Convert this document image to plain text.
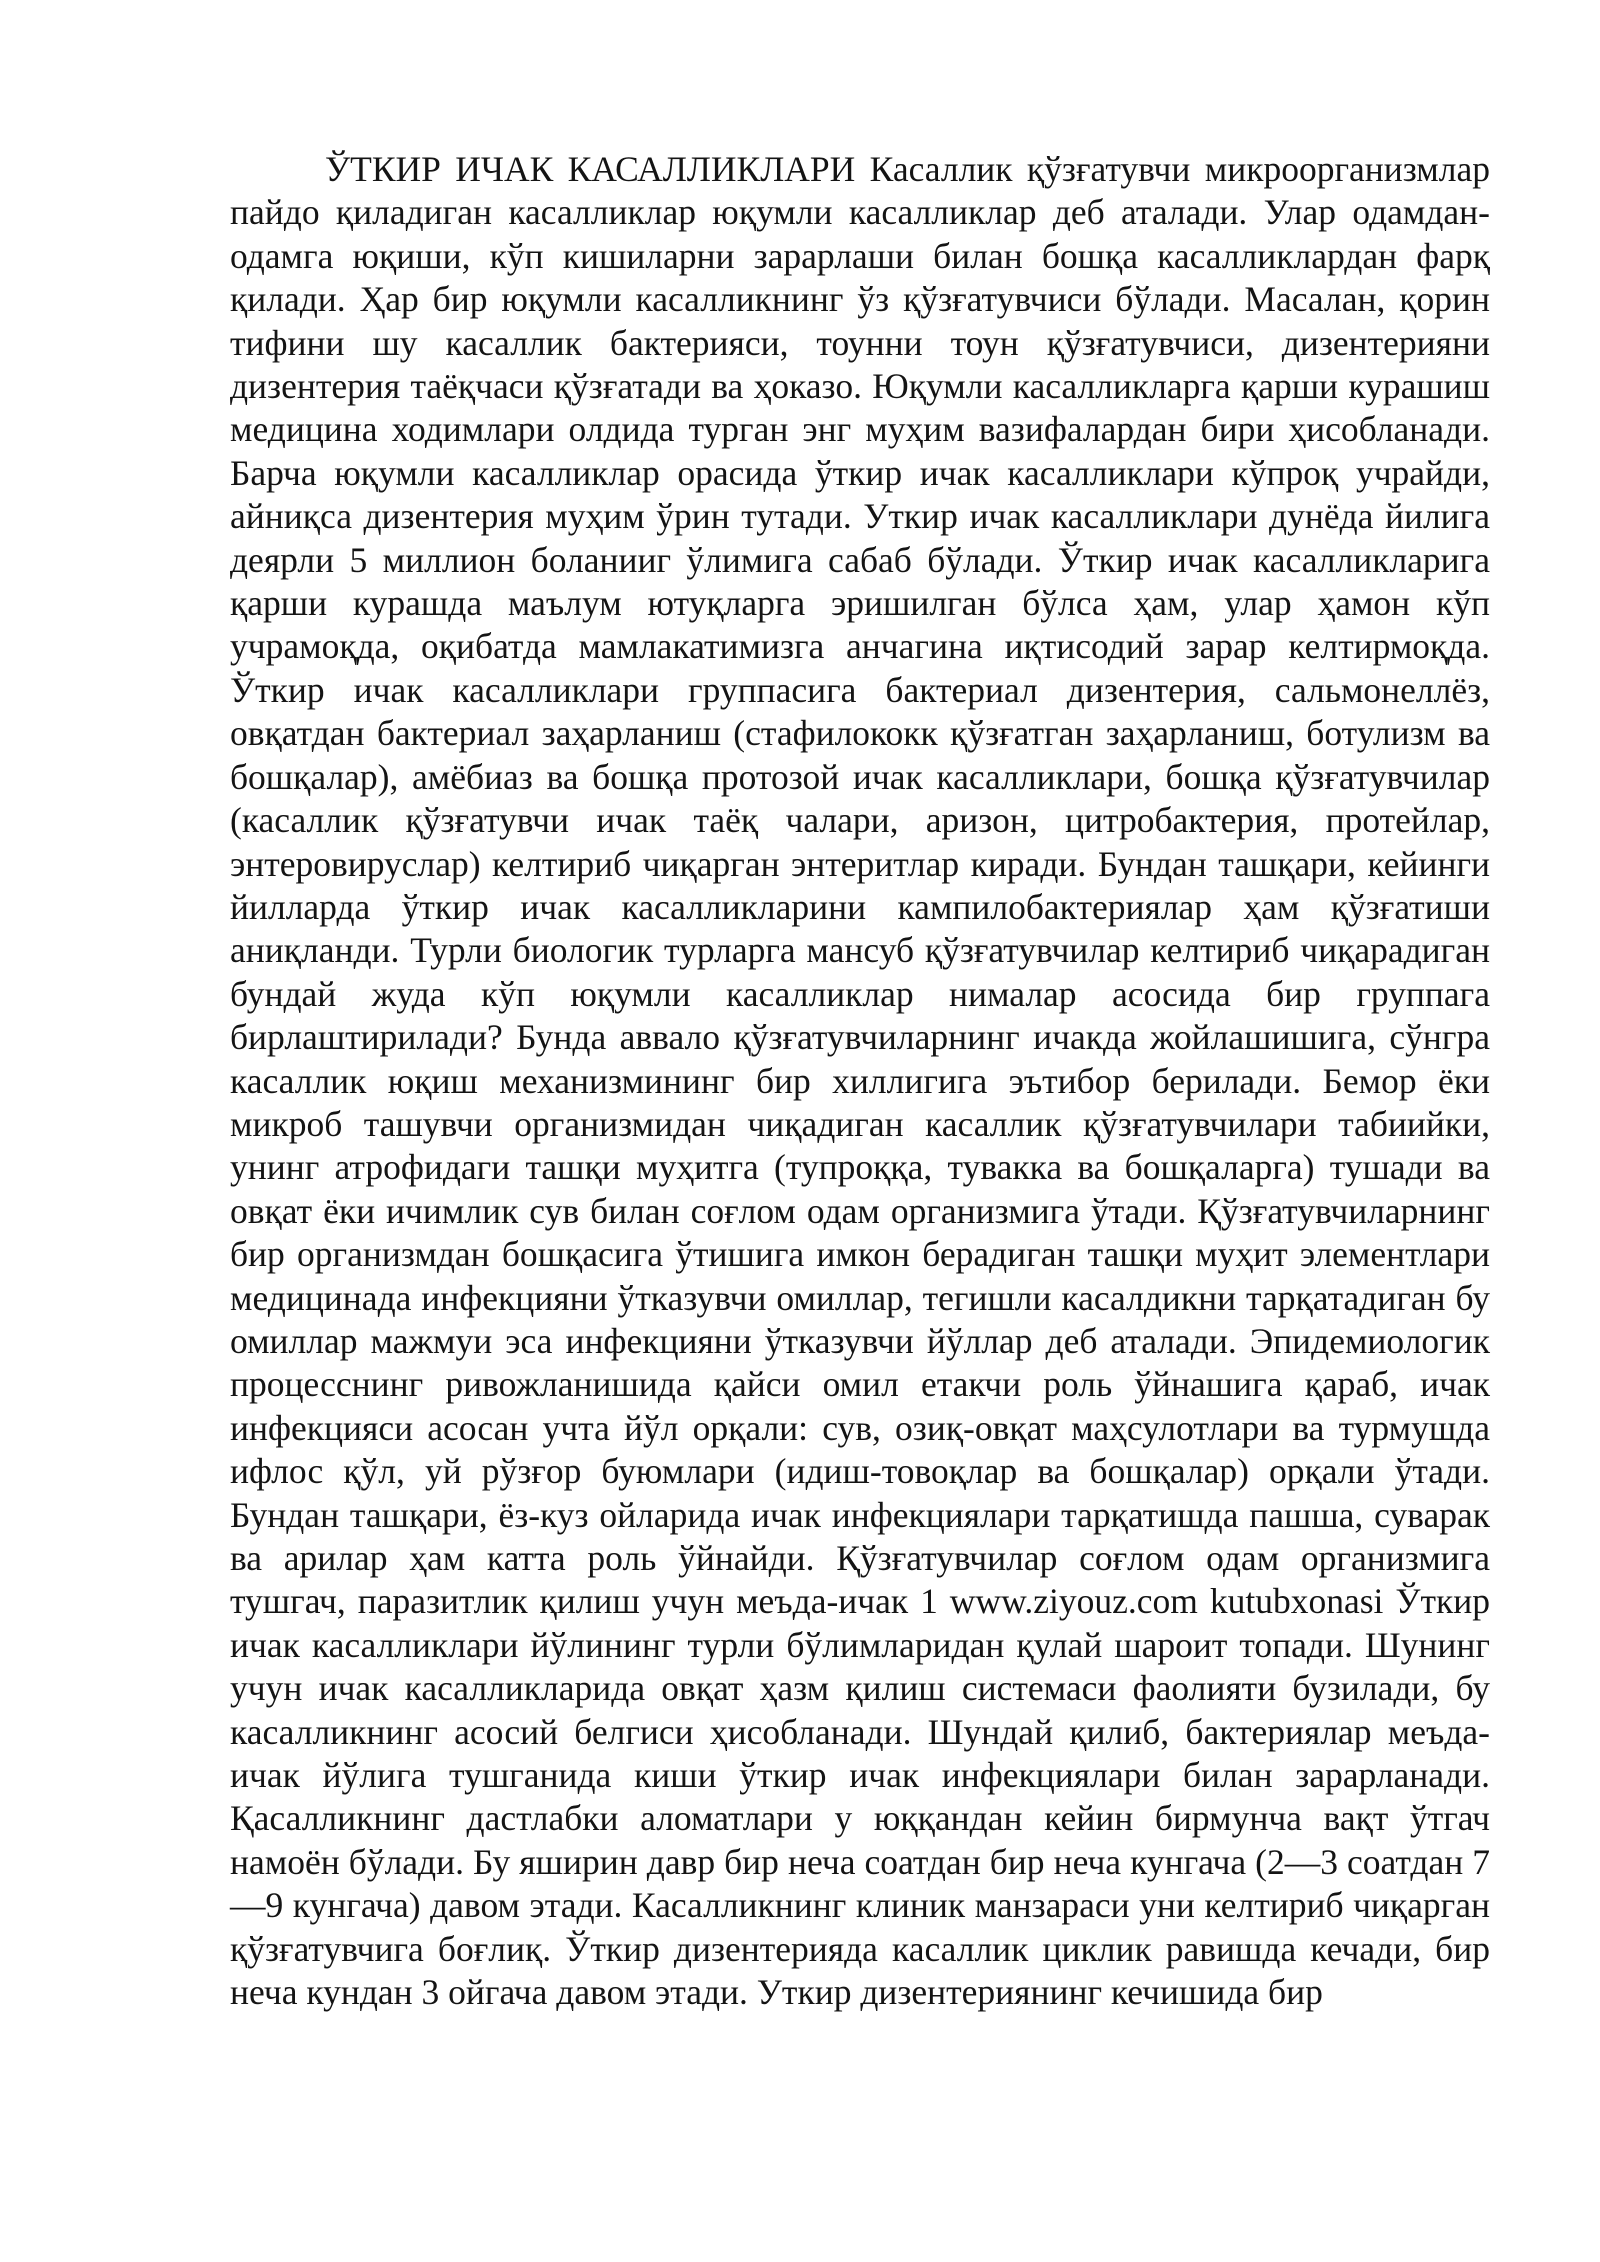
ЎТКИР ИЧАК КАСАЛЛИКЛАРИ Касаллик қўзғатувчи микроорганизмлар пайдо қиладиган касалликлар юқумли касалликлар деб аталади. Улар одамдан-одамга юқиши, кўп кишиларни зарарлаши билан бошқа касалликлардан фарқ қилади. Ҳар бир юқумли касалликнинг ўз қўзғатувчиси бўлади. Масалан, қорин тифини шу касаллик бактерияси, тоунни тоун қўзғатувчиси, дизентерияни дизентерия таёқчаси қўзғатади ва ҳоказо. Юқумли касалликларга қарши курашиш медицина ходимлари олдида турган энг муҳим вазифалардан бири ҳисобланади. Барча юқумли касалликлар орасида ўткир ичак касалликлари кўпроқ учрайди, айниқса дизентерия муҳим ўрин тутади. Уткир ичак касалликлари дунёда йилига деярли 5 миллион боланииг ўлимига сабаб бўлади. Ўткир ичак касалликларига қарши курашда маълум ютуқларга эришилган бўлса ҳам, улар ҳамон кўп учрамоқда, оқибатда мамлакатимизга анчагина иқтисодий зарар келтирмоқда. Ўткир ичак касалликлари группасига бактериал дизентерия, сальмонеллёз, овқатдан бактериал заҳарланиш (стафилококк қўзғатган заҳарланиш, ботулизм ва бошқалар), амёбиаз ва бошқа протозой ичак касалликлари, бошқа қўзғатувчилар (касаллик қўзғатувчи ичак таёқ чалари, аризон, цитробактерия, протейлар, энтеровируслар) келтириб чиқарган энтеритлар киради. Бундан ташқари, кейинги йилларда ўткир ичак касалликларини кампилобактериялар ҳам қўзғатиши аниқланди. Турли биологик турларга мансуб қўзғатувчилар келтириб чиқарадиган бундай жуда кўп юқумли касалликлар нималар асосида бир группага бирлаштирилади? Бунда аввало қўзғатувчиларнинг ичакда жойлашишига, сўнгра касаллик юқиш механизмининг бир хиллигига эътибор берилади. Бемор ёки микроб ташувчи организмидан чиқадиган касаллик қўзғатувчилари табиийки, унинг атрофидаги ташқи муҳитга (тупроққа, тувакка ва бошқаларга) тушади ва овқат ёки ичимлик сув билан соғлом одам организмига ўтади. Қўзғатувчиларнинг бир организмдан бошқасига ўтишига имкон берадиган ташқи муҳит элементлари медицинада инфекцияни ўтказувчи омиллар, тегишли касалдикни тарқатадиган бу омиллар мажмуи эса инфекцияни ўтказувчи йўллар деб аталади. Эпидемиологик процесснинг ривожланишида қайси омил етакчи роль ўйнашига қараб, ичак инфекцияси асосан учта йўл орқали: сув, озиқ-овқат маҳсулотлари ва турмушда ифлос қўл, уй рўзғор буюмлари (идиш-товоқлар ва бошқалар) орқали ўтади. Бундан ташқари, ёз-куз ойларида ичак инфекциялари тарқатишда пашша, суварак ва арилар ҳам катта роль ўйнайди. Қўзғатувчилар соғлом одам организмига тушгач, паразитлик қилиш учун меъда-ичак 1 www.ziyouz.com kutubxonasi Ўткир ичак касалликлари йўлининг турли бўлимларидан қулай шароит топади. Шунинг учун ичак касалликларида овқат ҳазм қилиш системаси фаолияти бузилади, бу касалликнинг асосий белгиси ҳисобланади. Шундай қилиб, бактериялар меъда-ичак йўлига тушганида киши ўткир ичак инфекциялари билан зарарланади. Қасалликнинг дастлабки аломатлари у юққандан кейин бирмунча вақт ўтгач намоён бўлади. Бу яширин давр бир неча соатдан бир неча кунгача (2—3 соатдан 7—9 кунгача) давом этади. Касалликнинг клиник манзараси уни келтириб чиқарган қўзғатувчига боғлиқ. Ўткир дизентерияда касаллик циклик равишда кечади, бир неча кундан 3 ойгача давом этади. Уткир дизентериянинг кечишида бир
